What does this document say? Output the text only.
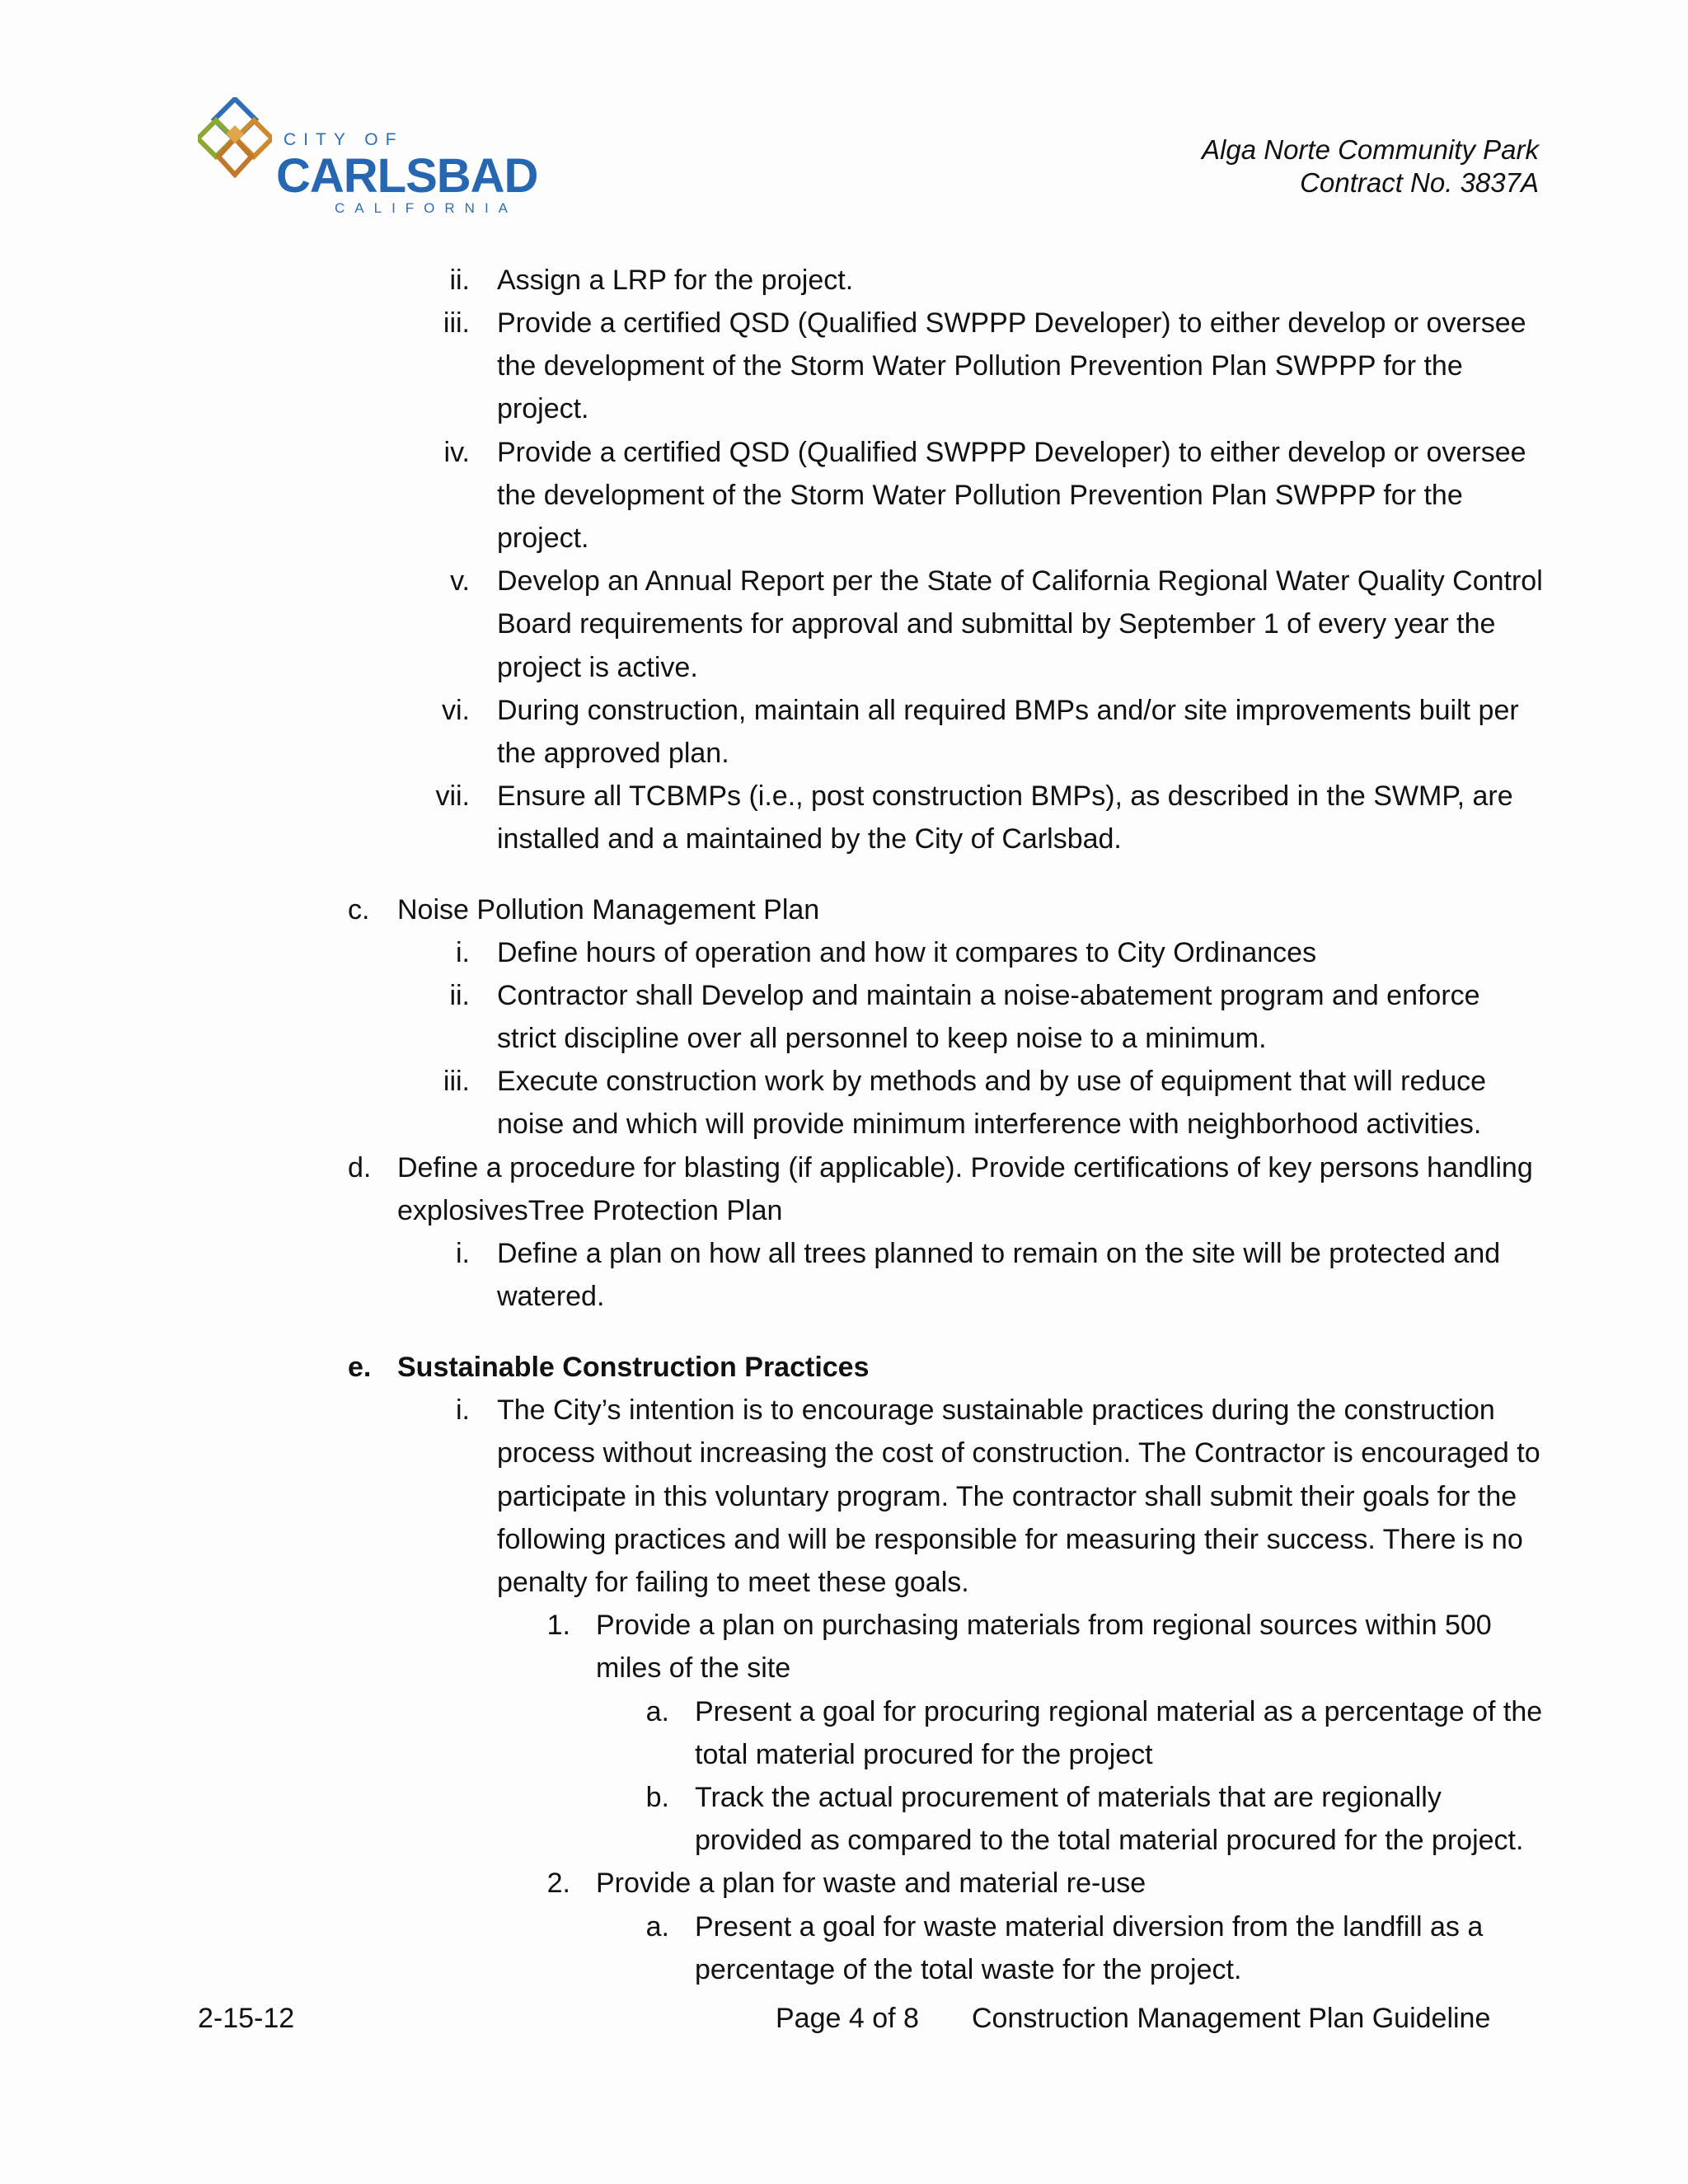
CITY OF
CARLSBAD
CALIFORNIA
Alga Norte Community Park
Contract No. 3837A
ii. Assign a LRP for the project.
iii. Provide a certified QSD (Qualified SWPPP Developer) to either develop or oversee
the development of the Storm Water Pollution Prevention Plan SWPPP for the
project.
iv. Provide a certified QSD (Qualified SWPPP Developer) to either develop or oversee
the development of the Storm Water Pollution Prevention Plan SWPPP for the
project.
v. Develop an Annual Report per the State of California Regional Water Quality Control
Board requirements for approval and submittal by September 1 of every year the
project is active.
vi. During construction, maintain all required BMPs and/or site improvements built per
the approved plan.
vii. Ensure all TCBMPs (i.e., post construction BMPs), as described in the SWMP, are
installed and a maintained by the City of Carlsbad.
c. Noise Pollution Management Plan
i. Define hours of operation and how it compares to City Ordinances
ii. Contractor shall Develop and maintain a noise-abatement program and enforce
strict discipline over all personnel to keep noise to a minimum.
iii. Execute construction work by methods and by use of equipment that will reduce
noise and which will provide minimum interference with neighborhood activities.
d. Define a procedure for blasting (if applicable). Provide certifications of key persons handling
explosivesTree Protection Plan
i. Define a plan on how all trees planned to remain on the site will be protected and
watered.
e. Sustainable Construction Practices
i. The City’s intention is to encourage sustainable practices during the construction
process without increasing the cost of construction. The Contractor is encouraged to
participate in this voluntary program. The contractor shall submit their goals for the
following practices and will be responsible for measuring their success. There is no
penalty for failing to meet these goals.
1. Provide a plan on purchasing materials from regional sources within 500
miles of the site
a. Present a goal for procuring regional material as a percentage of the
total material procured for the project
b. Track the actual procurement of materials that are regionally
provided as compared to the total material procured for the project.
2. Provide a plan for waste and material re-use
a. Present a goal for waste material diversion from the landfill as a
percentage of the total waste for the project.
2-15-12	Page 4 of 8 Construction Management Plan Guideline
